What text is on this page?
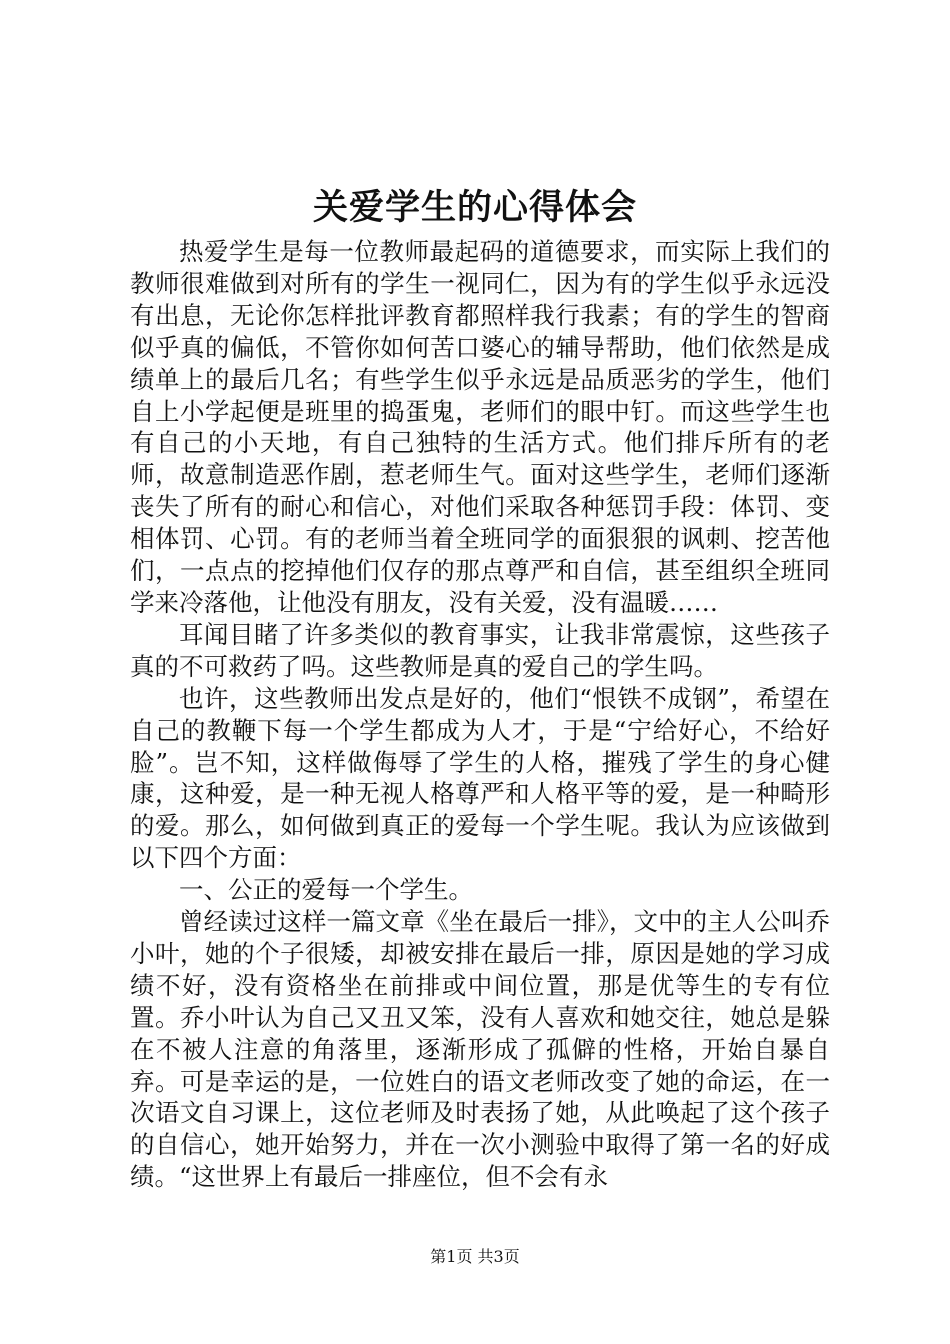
关爱学生的心得体会

热爱学生是每一位教师最起码的道德要求，而实际上我们的教师很难做到对所有的学生一视同仁，因为有的学生似乎永远没有出息，无论你怎样批评教育都照样我行我素；有的学生的智商似乎真的偏低，不管你如何苦口婆心的辅导帮助，他们依然是成绩单上的最后几名；有些学生似乎永远是品质恶劣的学生，他们自上小学起便是班里的捣蛋鬼，老师们的眼中钉。而这些学生也有自己的小天地，有自己独特的生活方式。他们排斥所有的老师，故意制造恶作剧，惹老师生气。面对这些学生，老师们逐渐丧失了所有的耐心和信心，对他们采取各种惩罚手段：体罚、变相体罚、心罚。有的老师当着全班同学的面狠狠的讽刺、挖苦他们，一点点的挖掉他们仅存的那点尊严和自信，甚至组织全班同学来冷落他，让他没有朋友，没有关爱，没有温暖……

耳闻目睹了许多类似的教育事实，让我非常震惊，这些孩子真的不可救药了吗。这些教师是真的爱自己的学生吗。

也许，这些教师出发点是好的，他们“恨铁不成钢”，希望在自己的教鞭下每一个学生都成为人才，于是“宁给好心，不给好脸”。岂不知，这样做侮辱了学生的人格，摧残了学生的身心健康，这种爱，是一种无视人格尊严和人格平等的爱，是一种畸形的爱。那么，如何做到真正的爱每一个学生呢。我认为应该做到以下四个方面：

一、公正的爱每一个学生。

曾经读过这样一篇文章《坐在最后一排》，文中的主人公叫乔小叶，她的个子很矮，却被安排在最后一排，原因是她的学习成绩不好，没有资格坐在前排或中间位置，那是优等生的专有位置。乔小叶认为自己又丑又笨，没有人喜欢和她交往，她总是躲在不被人注意的角落里，逐渐形成了孤僻的性格，开始自暴自弃。可是幸运的是，一位姓白的语文老师改变了她的命运，在一次语文自习课上，这位老师及时表扬了她，从此唤起了这个孩子的自信心，她开始努力，并在一次小测验中取得了第一名的好成绩。“这世界上有最后一排座位，但不会有永

第1页 共3页
